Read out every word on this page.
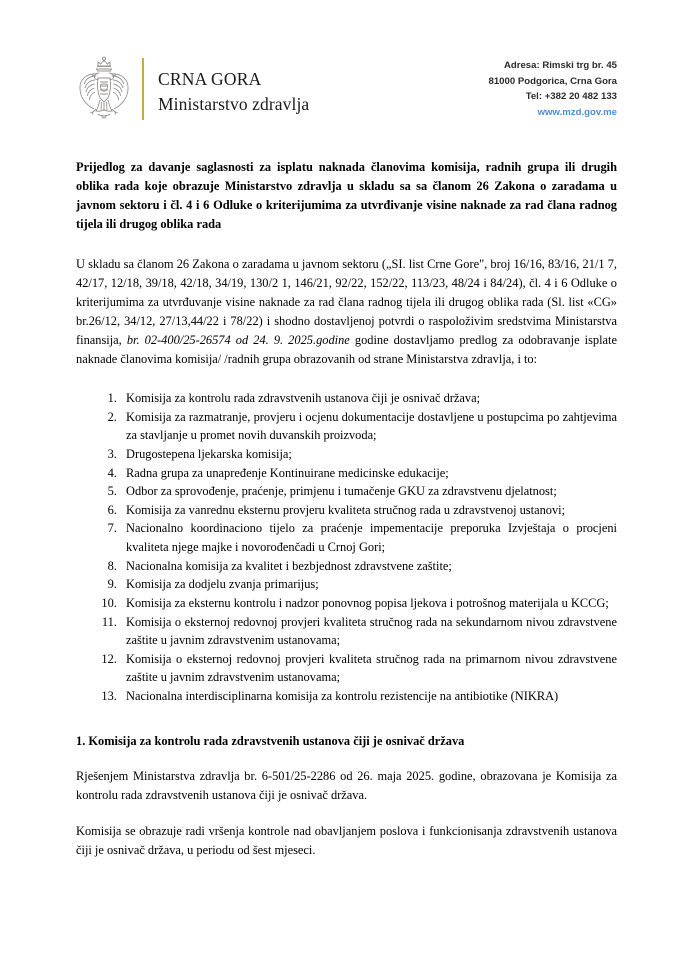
CRNA GORA
Ministarstvo zdravlja
Adresa: Rimski trg br. 45
81000 Podgorica, Crna Gora
Tel: +382 20 482 133
www.mzd.gov.me
Prijedlog za davanje saglasnosti za isplatu naknada članovima komisija, radnih grupa ili drugih oblika rada koje obrazuje Ministarstvo zdravlja u skladu sa sa članom 26 Zakona o zaradama u javnom sektoru i čl. 4 i 6 Odluke o kriterijumima za utvrđivanje visine naknade za rad člana radnog tijela ili drugog oblika rada

U skladu sa članom 26 Zakona o zaradama u javnom sektoru („SI. list Crne Gore", broj 16/16, 83/16, 21/1 7, 42/17, 12/18, 39/18, 42/18, 34/19, 130/2 1, 146/21, 92/22, 152/22, 113/23, 48/24 i 84/24), čl. 4 i 6 Odluke o kriterijumima za utvrđuvanje visine naknade za rad člana radnog tijela ili drugog oblika rada (Sl. list «CG» br.26/12, 34/12, 27/13,44/22 i 78/22) i shodno dostavljenoj potvrdi o raspoloživim sredstvima Ministarstva finansija, br. 02-400/25-26574 od 24. 9. 2025.godine godine dostavljamo predlog za odobravanje isplate naknade članovima komisija/ /radnih grupa obrazovanih od strane Ministarstva zdravlja, i to:

1. Komisija za kontrolu rada zdravstvenih ustanova čiji je osnivač država;
2. Komisija za razmatranje, provjeru i ocjenu dokumentacije dostavljene u postupcima po zahtjevima za stavljanje u promet novih duvanskih proizvoda;
3. Drugostepena ljekarska komisija;
4. Radna grupa za unapređenje Kontinuirane medicinske edukacije;
5. Odbor za sprovođenje, praćenje, primjenu i tumačenje GKU za zdravstvenu djelatnost;
6. Komisija za vanrednu eksternu provjeru kvaliteta stručnog rada u zdravstvenoj ustanovi;
7. Nacionalno koordinaciono tijelo za praćenje impementacije preporuka Izvještaja o procjeni kvaliteta njege majke i novorođenčadi u Crnoj Gori;
8. Nacionalna komisija za kvalitet i bezbjednost zdravstvene zaštite;
9. Komisija za dodjelu zvanja primarijus;
10. Komisija za eksternu kontrolu i nadzor ponovnog popisa ljekova i potrošnog materijala u KCCG;
11. Komisija o eksternoj redovnoj provjeri kvaliteta stručnog rada na sekundarnom nivou zdravstvene zaštite u javnim zdravstvenim ustanovama;
12. Komisija o eksternoj redovnoj provjeri kvaliteta stručnog rada na primarnom nivou zdravstvene zaštite u javnim zdravstvenim ustanovama;
13. Nacionalna interdisciplinarna komisija za kontrolu rezistencije na antibiotike (NIKRA)
1. Komisija za kontrolu rada zdravstvenih ustanova čiji je osnivač država

Rješenjem Ministarstva zdravlja br. 6-501/25-2286 od 26. maja 2025. godine, obrazovana je Komisija za kontrolu rada zdravstvenih ustanova čiji je osnivač država.

Komisija se obrazuje radi vršenja kontrole nad obavljanjem poslova i funkcionisanja zdravstvenih ustanova čiji je osnivač država, u periodu od šest mjeseci.
